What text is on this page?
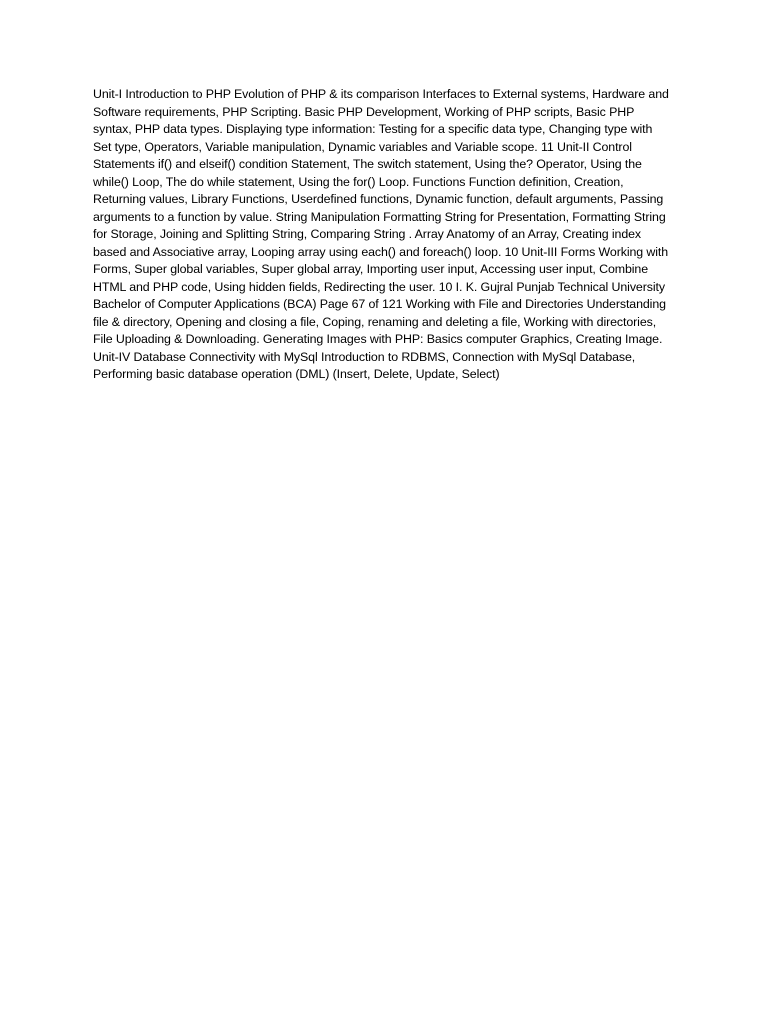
Unit-I Introduction to PHP Evolution of PHP & its comparison Interfaces to External systems, Hardware and Software requirements, PHP Scripting. Basic PHP Development, Working of PHP scripts, Basic PHP syntax, PHP data types. Displaying type information: Testing for a specific data type, Changing type with Set type, Operators, Variable manipulation, Dynamic variables and Variable scope. 11 Unit-II Control Statements if() and elseif() condition Statement, The switch statement, Using the? Operator, Using the while() Loop, The do while statement, Using the for() Loop. Functions Function definition, Creation, Returning values, Library Functions, Userdefined functions, Dynamic function, default arguments, Passing arguments to a function by value. String Manipulation Formatting String for Presentation, Formatting String for Storage, Joining and Splitting String, Comparing String . Array Anatomy of an Array, Creating index based and Associative array, Looping array using each() and foreach() loop. 10 Unit-III Forms Working with Forms, Super global variables, Super global array, Importing user input, Accessing user input, Combine HTML and PHP code, Using hidden fields, Redirecting the user. 10 I. K. Gujral Punjab Technical University Bachelor of Computer Applications (BCA) Page 67 of 121 Working with File and Directories Understanding file & directory, Opening and closing a file, Coping, renaming and deleting a file, Working with directories, File Uploading & Downloading. Generating Images with PHP: Basics computer Graphics, Creating Image. Unit-IV Database Connectivity with MySql Introduction to RDBMS, Connection with MySql Database, Performing basic database operation (DML) (Insert, Delete, Update, Select)
